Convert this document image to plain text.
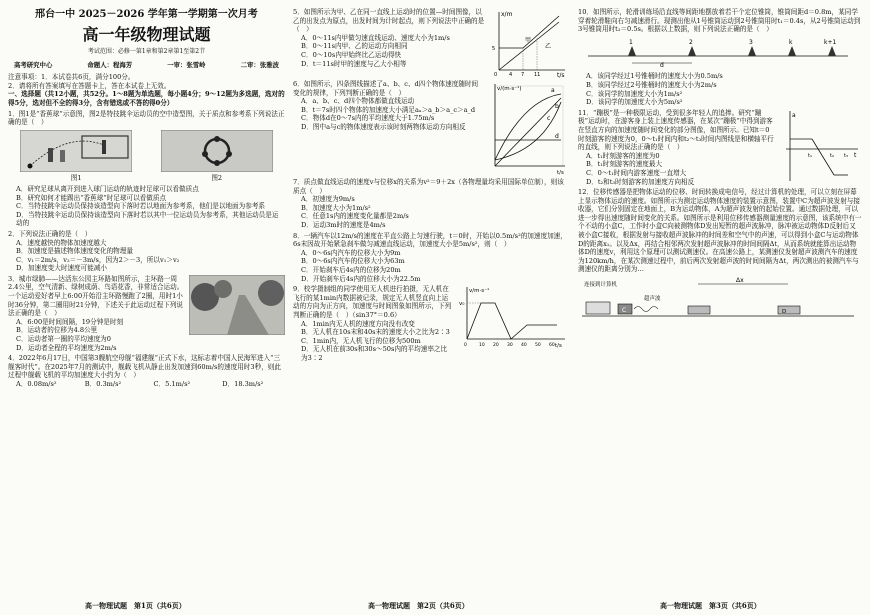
邢台一中 2025－2026 学年第一学期第一次月考
高一年级物理试题
考试范围：必修一第1章和第2章第1至第2节
高考研究中心	命题人：程海芳	一审：张雪岭	二审：张雅波

注意事项：1．本试卷共6页，满分100分。

2．请将所有答案填写在答题卡上，答在本试卷上无效。

一、选择题（共12小题，共52分。1～8题为单选题，每小题4分；9～12题为多选题，选对的得5分，选对但不全的得3分，含有错选或不答的得0分）

1．图1是“香蕉球”示意图，图2是特技跳伞运动员的空中造型图，关于质点和参考系下列说法正确的是（　）

图1	图2

A．研究足球从离开到进入球门运动的轨迹时足球可以看做质点

B．研究如何才能踢出“香蕉球”时足球可以看做质点

C．当特技跳伞运动员保持该造型向下落时若以地面为参考系，他们是以地面为参考系

D．当特技跳伞运动员保持该造型向下落时若以其中一位运动员为参考系，其他运动员是运动的

2．下列说法正确的是（　）

A．速度越快的物体加速度越大

B．加速度是描述物体速度变化的物理量

C．v₁＝2m/s，v₂＝－3m/s，因为2＞－3，所以v₁＞v₂

D．加速度变大时速度可能减小

3．城市绿肺——达活东公园主环路如图所示，主环路一周2.4公里，空气清新、绿树成荫、鸟语花香，非常适合运动。一个运动爱好者早上6:00开始沿主环路慢跑了2圈，用时1小时36分钟，第二圈用时21分钟，下述关于此运动过程下列说法正确的是（　）

A．6:00是时间间隔，19分钟是时刻

B．运动者的位移为4.8公里

C．运动者第一圈的平均速度为0

D．运动者全程的平均速度为2m/s

4．2022年6月17日，中国第3艘航空母舰“福建舰”正式下水，这标志着中国人民海军进入“三舰客时代”。在2025年7月的测试中，舰载飞机从静止出发加速到60m/s的速度用时3秒，则此过程中舰载飞机的平均加速度大小约为（　）

A．0.08m/s²	B．0.3m/s²	C．5.1m/s²	D．18.3m/s²
高一物理试题　第1页（共6页）
x/m
t/s
甲
乙
0 4 7 11
5

5．如图所示为甲、乙在同一直线上运动时的位置—时间图像，以乙的出发点为原点，出发时间为计时起点，则下列说法中正确的是（　）

A．0～11s内甲做匀速直线运动、速度大小为1m/s

B．0～11s内甲、乙的运动方向相同

C．0～10s内甲始终比乙运动得快

D．t＝11s时甲的速度与乙大小相等

v/(m·s⁻¹)
t/s
a
b
c
d

6．如图所示，四条图线描述了a、b、c、d四个物体速度随时间变化的规律，下列判断正确的是（　）

A．a、b、c、d四个物体都做直线运动

B．t＝7s时四个物体的加速度大小满足aₐ＞a_b＞a_c＞a_d

C．物体d在0～7s内的平均速度大于1.75m/s

D．图中a与c的物体速度表示该时刻两物体运动方向相反

7．质点做直线运动的速度v与位移x的关系为v²＝9＋2x（各物理量均采用国际单位制），则该质点（　）

A．初速度为9m/s

B．加速度大小为1m/s²

C．任意1s内的速度变化量都是2m/s

D．运动3m时的速度是4m/s

8．一辆汽车以12m/s的速度在平直公路上匀速行驶，t＝0时，开始以0.5m/s²的加速度加速，6s末因故开始紧急刹车做匀减速直线运动，加速度大小是5m/s²，则（　）

A．0～6s内汽车的位移大小为9m

B．0～6s内汽车的位移大小为63m

C．开始刹车后4s内的位移为20m

D．开始刹车后4s内的位移大小为22.5m

v/m·s⁻¹
t/s
v₀
0	10 20 30 40 50 60

9．校学摄制组的同学使用无人机进行拍摄，无人机在飞行的某1min内数据被记录，规定无人机竖直向上运动的方向为正方向，加速度与时间图象如图所示，下列判断正确的是（　）（sin37°＝0.6）

A．1min内无人机的速度方向没有改变

B．无人机在10s末和40s末的速度大小之比为2∶3

C．1min内，无人机飞行的位移为500m

D．无人机在前30s和30s～50s内的平均速率之比为3∶2

高一物理试题　第2页（共6页）

10．如图所示，轮滑训练场沿直线等间距地摆放着若干个定位锥筒，锥筒间距d＝0.8m，某同学穿着轮滑鞋向右匀减速滑行。现测出他从1号锥筒运动到2号锥筒用时t₁＝0.4s，从2号锥筒运动到3号锥筒用时t₂＝0.5s。根据以上数据，则下列说法正确的是（　）

1	2	3	k	k+1
d

A．该同学经过1号锥桶时的速度大小为0.5m/s

B．该同学经过2号锥桶时的速度大小为2m/s

C．该同学的加速度大小为1m/s²

D．该同学的加速度大小为5m/s²

a
t
t₁	t₂ t₃

11．“蹦极”是一种极限运动，受到很多年轻人的追捧。研究“蹦极”运动时，在游客身上装上速度传感器，在某次“蹦极”中得到游客在竖直方向的加速度随时间变化的部分图像，如图所示。已知t＝0时刻游客的速度为0，0～t₁时间内和t₂～t₃时间内图线是和横轴平行的直线，则下列说法正确的是（　）

A．t₁时刻游客的速度为0

B．t₁时刻游客的速度最大

C．0～t₁时间内游客速度一直增大

D．t₂和t₃时刻游客的加速度方向相反

12．位移传感器是把物体运动的位移、时间转换成电信号，经过计算机的处理，可以立刻在屏幕上显示物体运动的速度。如图所示为测定运动物体速度的装置示意图，装置中C为超声波发射与接收器，它们分别固定在地面上，B为运动物体，A为超声波发射的起始位置。通过数据处理，可以进一步得出速度随时间变化的关系。如图所示是利用位移传感器测量速度的示意图，该系统中有一个不动的小盒C，工作时小盒C向被测物体D发出短暂的超声波脉冲，脉冲被运动物体D反射后又被小盒C接收，根据发射与接收超声波脉冲的时间差和空气中的声速，可以得到小盒C与运动物体D的距离x₁。以及Δx，再结合相邻两次发射超声波脉冲的时间间隔Δt，从而系统就能算出运动物体D的速度v，利用这个原理可以测试测速仪。在高速公路上，某测速仪发射超声波测汽车的速度为120km/h，在某次测速过程中，前后两次发射超声波的时间间隔为Δt，两次测出的被测汽车与测速仪的距离分别为…

连接到计算机
C
超声波
D
Δx
高一物理试题　第3页（共6页）
